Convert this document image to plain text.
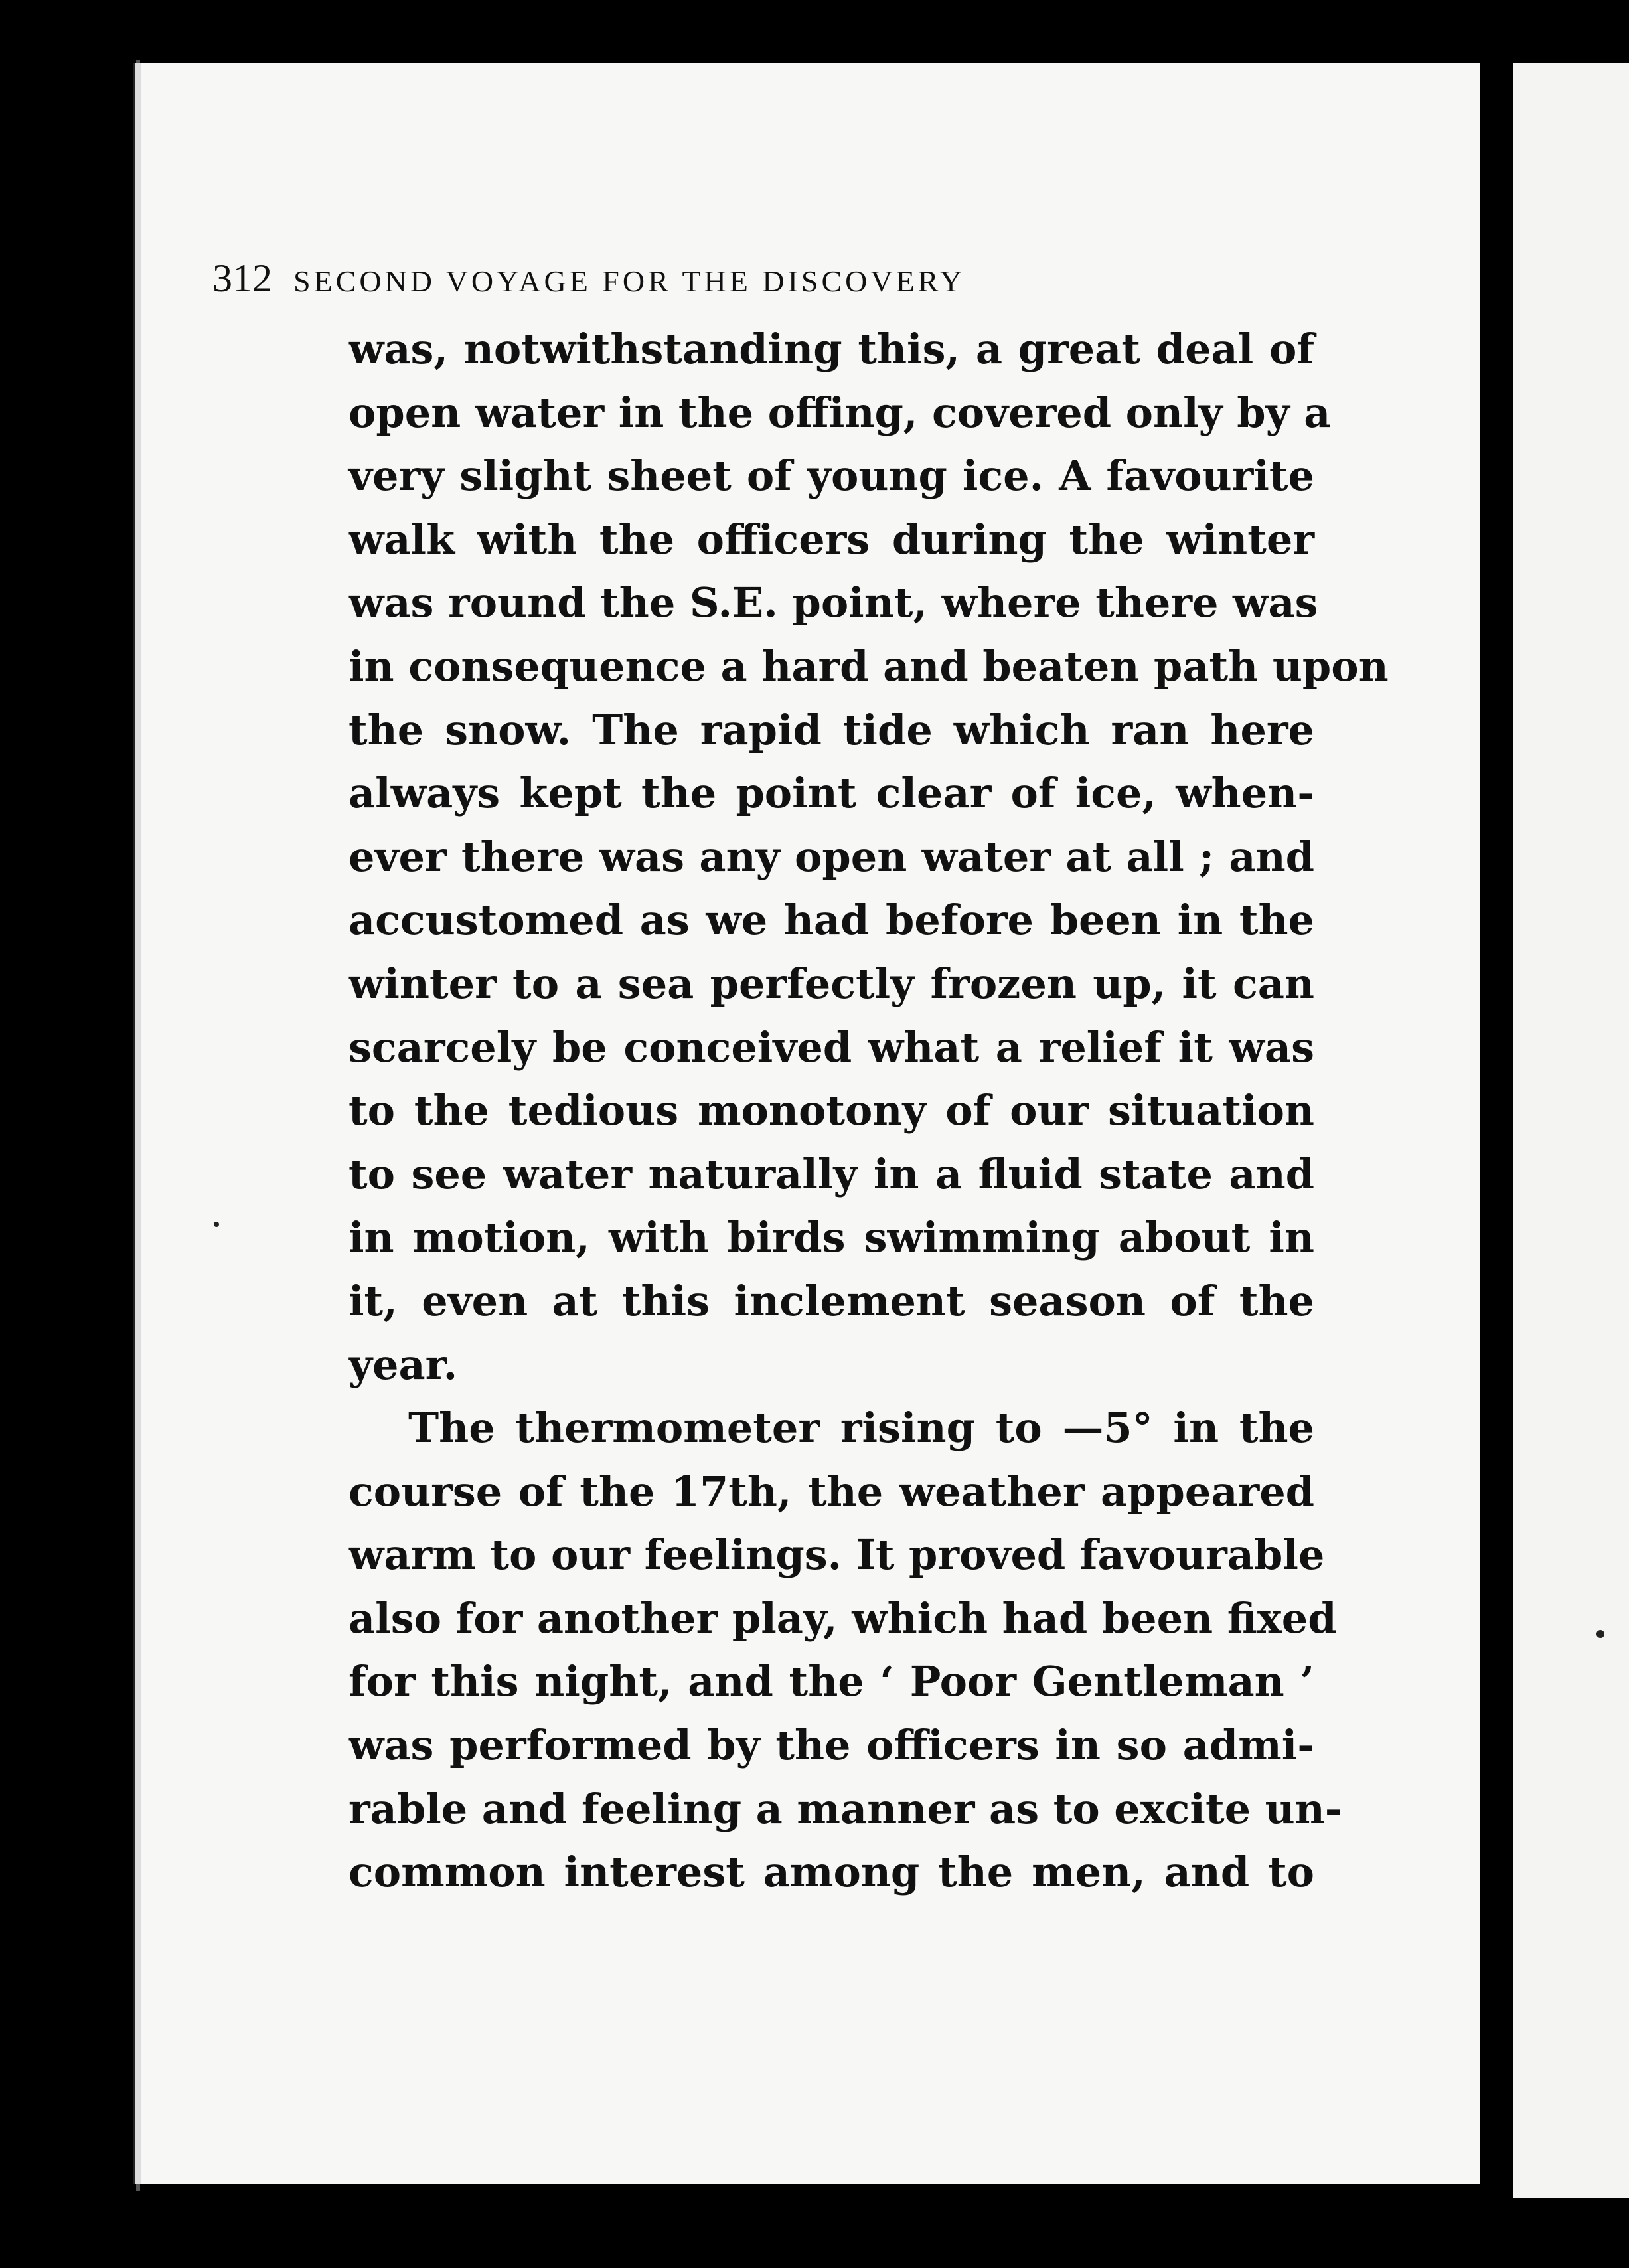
312 SECOND VOYAGE FOR THE DISCOVERY
was, notwithstanding this, a great deal of
open water in the offing, covered only by a
very slight sheet of young ice. A favourite
walk with the officers during the winter
was round the S.E. point, where there was
in consequence a hard and beaten path upon
the snow. The rapid tide which ran here
always kept the point clear of ice, when-
ever there was any open water at all ; and
accustomed as we had before been in the
winter to a sea perfectly frozen up, it can
scarcely be conceived what a relief it was
to the tedious monotony of our situation
to see water naturally in a fluid state and
in motion, with birds swimming about in
it, even at this inclement season of the
year.
The thermometer rising to —5° in the
course of the 17th, the weather appeared
warm to our feelings. It proved favourable
also for another play, which had been fixed
for this night, and the ‘ Poor Gentleman ’
was performed by the officers in so admi-
rable and feeling a manner as to excite un-
common interest among the men, and to
